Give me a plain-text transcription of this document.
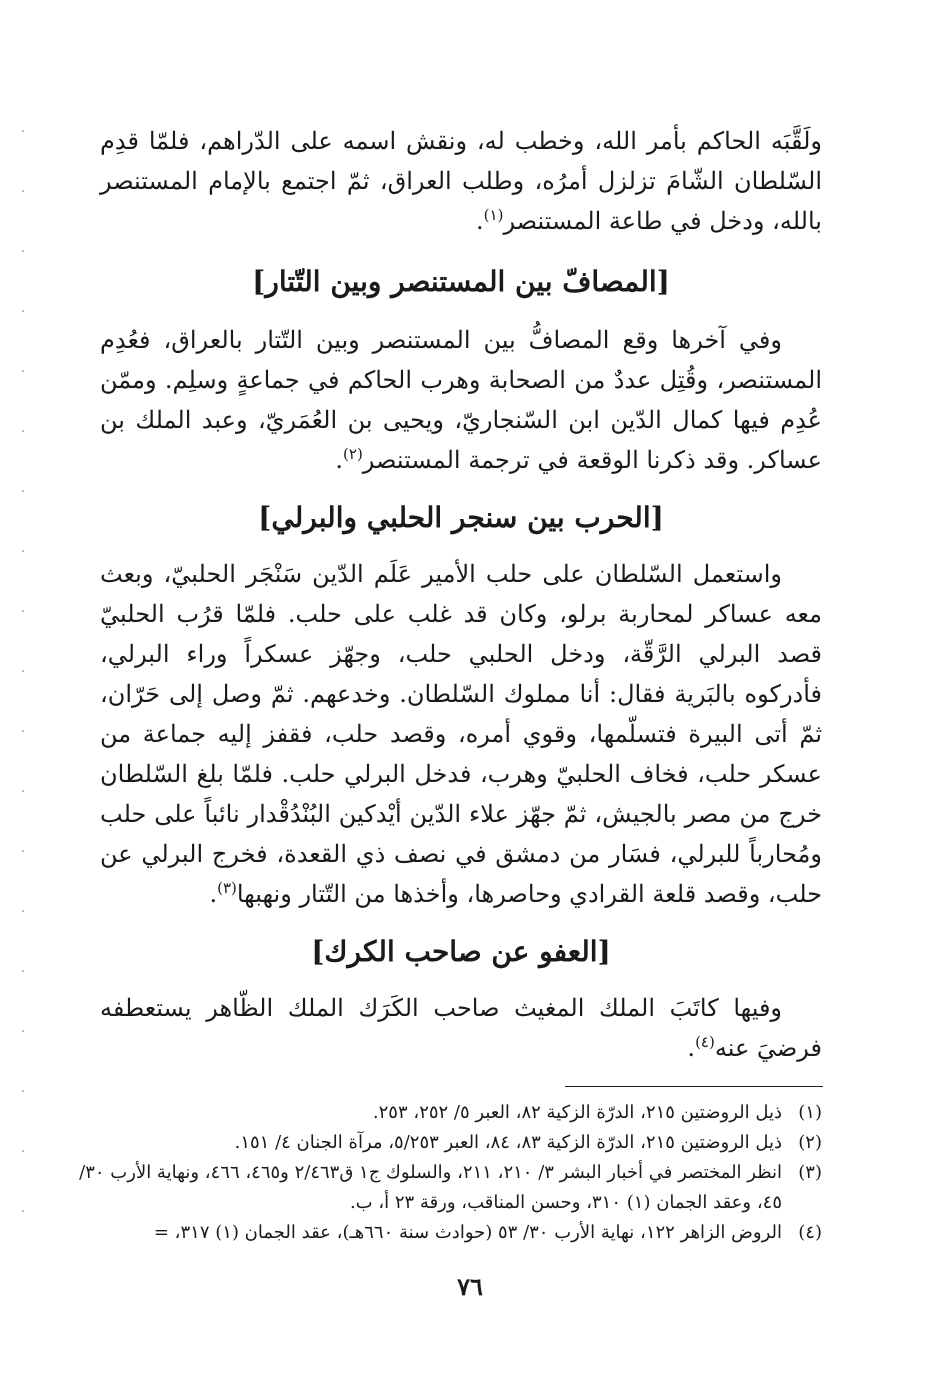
ولَقَّبَه الحاكم بأمر الله، وخطب له، ونقش اسمه على الدّراهم، فلمّا قدِم السّلطان الشّامَ تزلزل أمرُه، وطلب العراق، ثمّ اجتمع بالإمام المستنصر بالله، ودخل في طاعة المستنصر$^{(١)}$.

[المصافّ بين المستنصر وبين التّتار]

وفي آخرها وقع المصافُّ بين المستنصر وبين التّتار بالعراق، فعُدِم المستنصر، وقُتِل عددٌ من الصحابة وهرب الحاكم في جماعةٍ وسلِم. وممّن عُدِم فيها كمال الدّين ابن السّنجاريّ، ويحيى بن العُمَريّ، وعبد الملك بن عساكر. وقد ذكرنا الوقعة في ترجمة المستنصر$^{(٢)}$.

[الحرب بين سنجر الحلبي والبرلي]

واستعمل السّلطان على حلب الأمير عَلَم الدّين سَنْجَر الحلبيّ، وبعث معه عساكر لمحاربة برلو، وكان قد غلب على حلب. فلمّا قرُب الحلبيّ قصد البرلي الرَّقّة، ودخل الحلبي حلب، وجهّز عسكراً وراء البرلي، فأدركوه بالبَرية فقال: أنا مملوك السّلطان. وخدعهم. ثمّ وصل إلى حَرّان، ثمّ أتى البيرة فتسلّمها، وقوي أمره، وقصد حلب، فقفز إليه جماعة من عسكر حلب، فخاف الحلبيّ وهرب، فدخل البرلي حلب. فلمّا بلغ السّلطان خرج من مصر بالجيش، ثمّ جهّز علاء الدّين أيْدكين البُنْدُقْدار نائباً على حلب ومُحارباً للبرلي، فسَار من دمشق في نصف ذي القعدة، فخرج البرلي عن حلب، وقصد قلعة القرادي وحاصرها، وأخذها من التّتار ونهبها$^{(٣)}$.

[العفو عن صاحب الكرك]

وفيها كاتَبَ الملك المغيث صاحب الكَرَك الملك الظّاهر يستعطفه فرضيَ عنه$^{(٤)}$.

(١)
ذيل الروضتين ٢١٥، الدرّة الزكية ٨٢، العبر ٥/ ٢٥٢، ٢٥٣.
(٢)
ذيل الروضتين ٢١٥، الدرّة الزكية ٨٣، ٨٤، العبر ٥/٢٥٣، مرآة الجنان ٤/ ١٥١.
(٣)
انظر المختصر في أخبار البشر ٣/ ٢١٠، ٢١١، والسلوك ج١ ق٢/٤٦٣ و٤٦٥، ٤٦٦، ونهاية الأرب ٣٠/ ٤٥، وعقد الجمان (١) ٣١٠، وحسن المناقب، ورقة ٢٣ أ، ب.
(٤)
الروض الزاهر ١٢٢، نهاية الأرب ٣٠/ ٥٣ (حوادث سنة ٦٦٠هـ)، عقد الجمان (١) ٣١٧، =
٧٦
